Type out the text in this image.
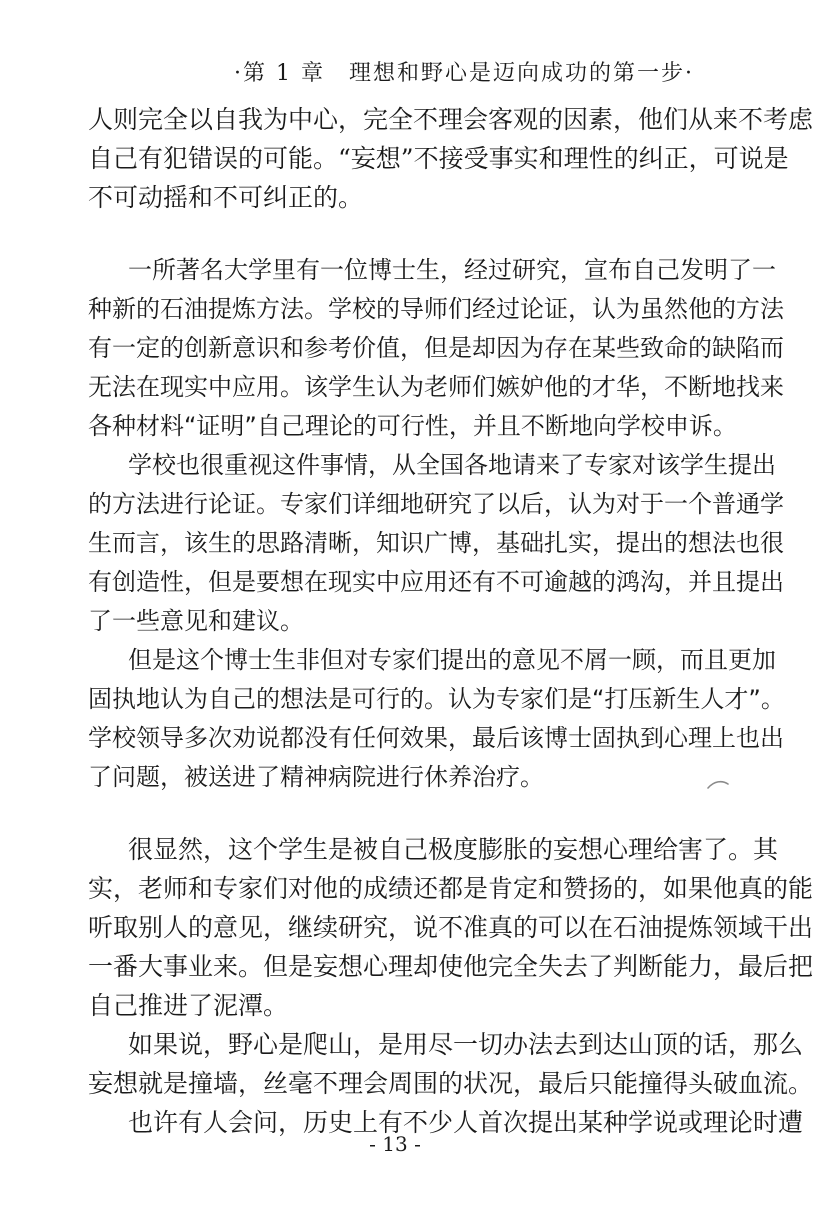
·第 1 章　理想和野心是迈向成功的第一步·
人则完全以自我为中心，完全不理会客观的因素，他们从来不考虑
自己有犯错误的可能。“妄想”不接受事实和理性的纠正，可说是
不可动摇和不可纠正的。
一所著名大学里有一位博士生，经过研究，宣布自己发明了一
种新的石油提炼方法。学校的导师们经过论证，认为虽然他的方法
有一定的创新意识和参考价值，但是却因为存在某些致命的缺陷而
无法在现实中应用。该学生认为老师们嫉妒他的才华，不断地找来
各种材料“证明”自己理论的可行性，并且不断地向学校申诉。
学校也很重视这件事情，从全国各地请来了专家对该学生提出
的方法进行论证。专家们详细地研究了以后，认为对于一个普通学
生而言，该生的思路清晰，知识广博，基础扎实，提出的想法也很
有创造性，但是要想在现实中应用还有不可逾越的鸿沟，并且提出
了一些意见和建议。
但是这个博士生非但对专家们提出的意见不屑一顾，而且更加
固执地认为自己的想法是可行的。认为专家们是“打压新生人才”。
学校领导多次劝说都没有任何效果，最后该博士固执到心理上也出
了问题，被送进了精神病院进行休养治疗。
很显然，这个学生是被自己极度膨胀的妄想心理给害了。其
实，老师和专家们对他的成绩还都是肯定和赞扬的，如果他真的能
听取别人的意见，继续研究，说不准真的可以在石油提炼领域干出
一番大事业来。但是妄想心理却使他完全失去了判断能力，最后把
自己推进了泥潭。
如果说，野心是爬山，是用尽一切办法去到达山顶的话，那么
妄想就是撞墙，丝毫不理会周围的状况，最后只能撞得头破血流。
也许有人会问，历史上有不少人首次提出某种学说或理论时遭
- 13 -
